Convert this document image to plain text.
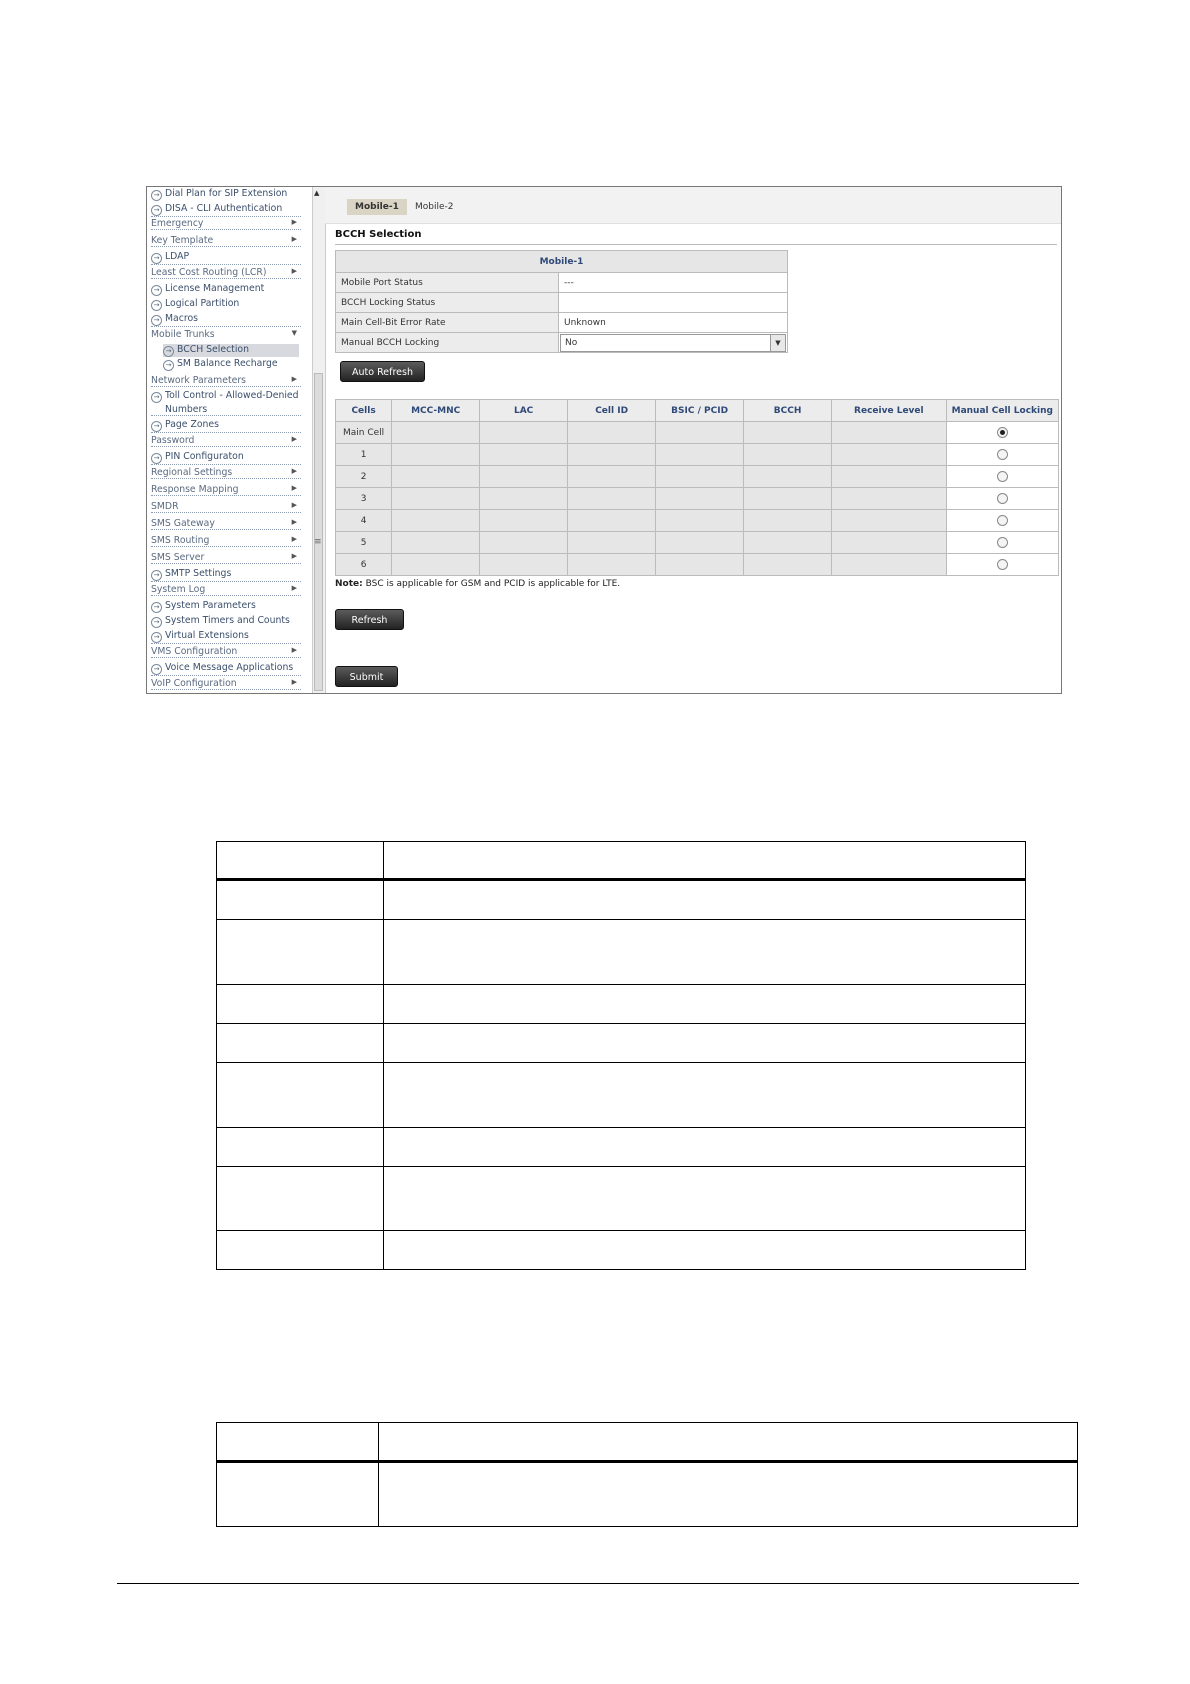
→ Dial Plan for SIP Extension
→ DISA - CLI Authentication
Emergency	▶
Key Template	▶
→ LDAP
Least Cost Routing (LCR)	▶
→ License Management
→ Logical Partition
→ Macros
Mobile Trunks	▼
→ BCCH Selection
→ SM Balance Recharge
Network Parameters	▶
→ Toll Control - Allowed-Denied
Numbers
→ Page Zones
Password	▶
→ PIN Configuraton
Regional Settings	▶
Response Mapping	▶
SMDR	▶
SMS Gateway	▶
SMS Routing	▶
SMS Server	▶
→ SMTP Settings
System Log	▶
→ System Parameters
→ System Timers and Counts
→ Virtual Extensions
VMS Configuration	▶
→ Voice Message Applications
VoIP Configuration	▶
▲
≡
Mobile-1	Mobile-2
BCCH Selection
Mobile-1	
Mobile Port Status	---
BCCH Locking Status	
Main Cell-Bit Error Rate	Unknown
Manual BCCH Locking	No ▼
Auto Refresh
Cells	MCC-MNC	LAC	Cell ID	BSIC / PCID	BCCH	Receive Level	Manual Cell Locking
Main Cell							
1							
2							
3							
4							
5							
6							
Note: BSC is applicable for GSM and PCID is applicable for LTE.
Refresh
Submit
